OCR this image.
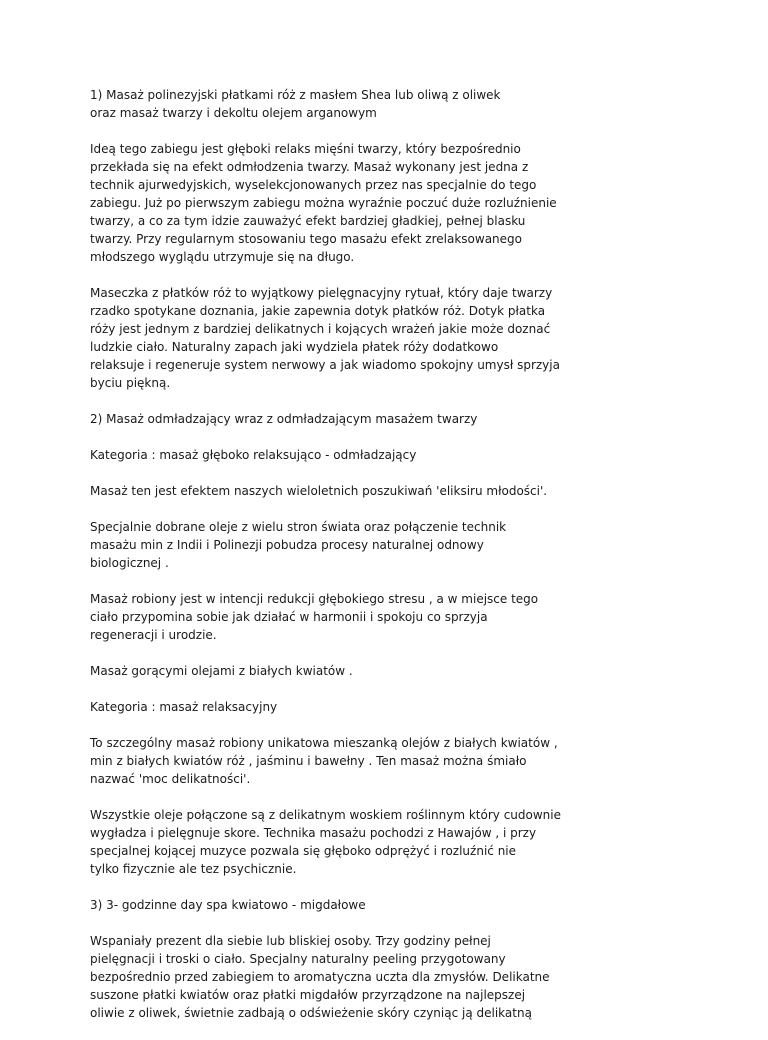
1) Masaż polinezyjski płatkami róż z masłem Shea lub oliwą z oliwek
oraz masaż twarzy i dekoltu olejem arganowym

Ideą tego zabiegu jest głęboki relaks mięśni twarzy, który bezpośrednio
przekłada się na efekt odmłodzenia twarzy. Masaż wykonany jest jedna z
technik ajurwedyjskich, wyselekcjonowanych przez nas specjalnie do tego
zabiegu. Już po pierwszym zabiegu można wyraźnie poczuć duże rozluźnienie
twarzy, a co za tym idzie zauważyć efekt bardziej gładkiej, pełnej blasku
twarzy. Przy regularnym stosowaniu tego masażu efekt zrelaksowanego
młodszego wyglądu utrzymuje się na długo.

Maseczka z płatków róż to wyjątkowy pielęgnacyjny rytuał, który daje twarzy
rzadko spotykane doznania, jakie zapewnia dotyk płatków róż. Dotyk płatka
róży jest jednym z bardziej delikatnych i kojących wrażeń jakie może doznać
ludzkie ciało. Naturalny zapach jaki wydziela płatek róży dodatkowo
relaksuje i regeneruje system nerwowy a jak wiadomo spokojny umysł sprzyja
byciu piękną.

2) Masaż odmładzający wraz z odmładzającym masażem twarzy

Kategoria : masaż głęboko relaksująco - odmładzający

Masaż ten jest efektem naszych wieloletnich poszukiwań 'eliksiru młodości'.

Specjalnie dobrane oleje z wielu stron świata oraz połączenie technik
masażu min z Indii i Polinezji pobudza procesy naturalnej odnowy
biologicznej .

Masaż robiony jest w intencji redukcji głębokiego stresu , a w miejsce tego
ciało przypomina sobie jak działać w harmonii i spokoju co sprzyja
regeneracji i urodzie.

Masaż gorącymi olejami z białych kwiatów .

Kategoria : masaż relaksacyjny

To szczególny masaż robiony unikatowa mieszanką olejów z białych kwiatów ,
min z białych kwiatów róż , jaśminu i bawełny . Ten masaż można śmiało
nazwać 'moc delikatności'.

Wszystkie oleje połączone są z delikatnym woskiem roślinnym który cudownie
wygładza i pielęgnuje skore. Technika masażu pochodzi z Hawajów , i przy
specjalnej kojącej muzyce pozwala się głęboko odprężyć i rozluźnić nie
tylko fizycznie ale tez psychicznie.

3) 3- godzinne day spa kwiatowo - migdałowe

Wspaniały prezent dla siebie lub bliskiej osoby. Trzy godziny pełnej
pielęgnacji i troski o ciało. Specjalny naturalny peeling przygotowany
bezpośrednio przed zabiegiem to aromatyczna uczta dla zmysłów. Delikatne
suszone płatki kwiatów oraz płatki migdałów przyrządzone na najlepszej
oliwie z oliwek, świetnie zadbają o odświeżenie skóry czyniąc ją delikatną
